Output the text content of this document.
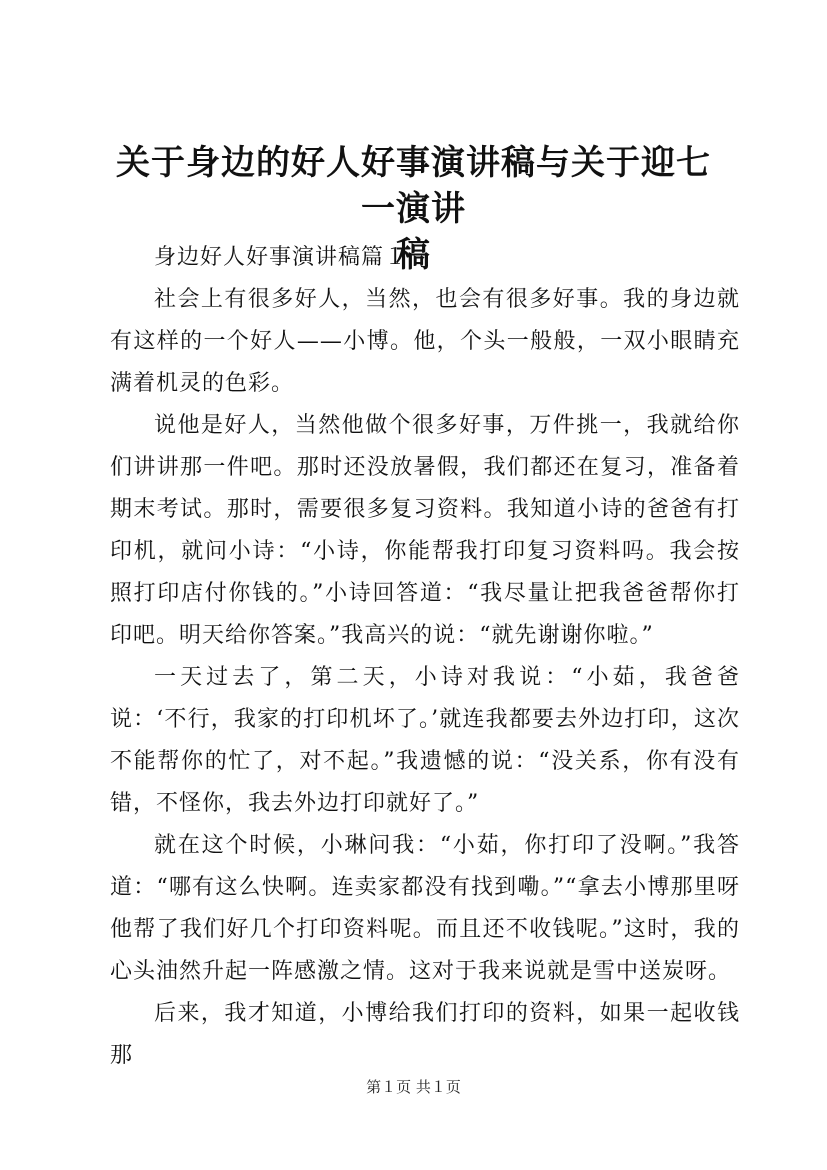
关于身边的好人好事演讲稿与关于迎七一演讲
稿

身边好人好事演讲稿篇１

社会上有很多好人，当然，也会有很多好事。我的身边就有这样的一个好人——小博。他，个头一般般，一双小眼睛充满着机灵的色彩。

说他是好人，当然他做个很多好事，万件挑一，我就给你们讲讲那一件吧。那时还没放暑假，我们都还在复习，准备着期末考试。那时，需要很多复习资料。我知道小诗的爸爸有打印机，就问小诗：“小诗，你能帮我打印复习资料吗。我会按照打印店付你钱的。”小诗回答道：“我尽量让把我爸爸帮你打印吧。明天给你答案。”我高兴的说：“就先谢谢你啦。”

一天过去了，第二天，小诗对我说：“小茹，我爸爸说：‘不行，我家的打印机坏了。’就连我都要去外边打印，这次不能帮你的忙了，对不起。”我遗憾的说：“没关系，你有没有错，不怪你，我去外边打印就好了。”

就在这个时候，小琳问我：“小茹，你打印了没啊。”我答道：“哪有这么快啊。连卖家都没有找到嘞。”“拿去小博那里呀他帮了我们好几个打印资料呢。而且还不收钱呢。”这时，我的心头油然升起一阵感激之情。这对于我来说就是雪中送炭呀。

后来，我才知道，小博给我们打印的资料，如果一起收钱那

第１页 共１页
